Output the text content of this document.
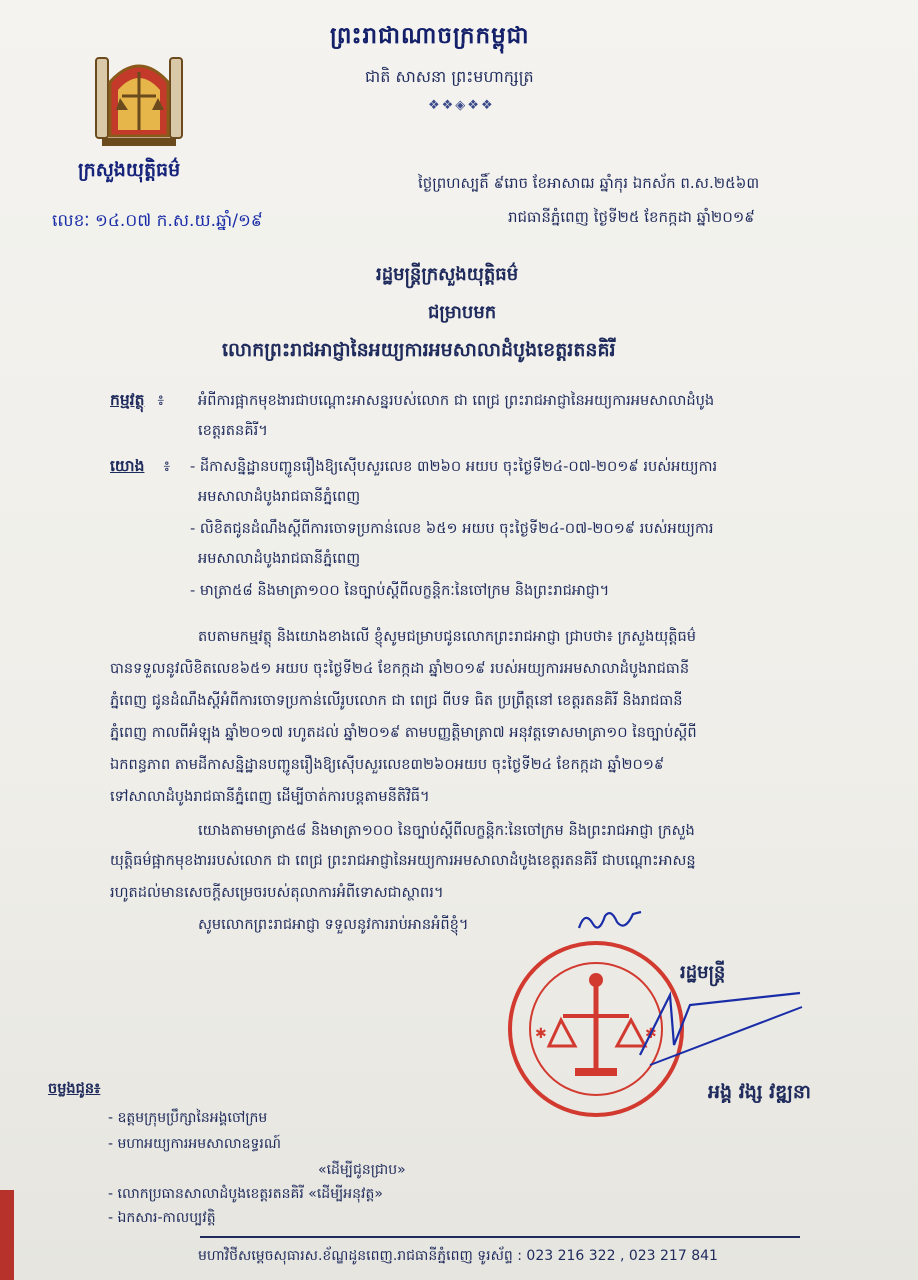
ព្រះរាជាណាចក្រកម្ពុជា
ជាតិ សាសនា ព្រះមហាក្សត្រ
❖❖◈❖❖
ក្រសួងយុត្តិធម៌
លេខៈ ១៤.០៧ ក.ស.យ.ឆ្នាំ/១៩
ថ្ងៃព្រហស្បតិ៍ ៩រោច ខែអាសាឍ ឆ្នាំកុរ ឯកស័ក ព.ស.២៥៦៣
រាជធានីភ្នំពេញ ថ្ងៃទី២៥ ខែកក្កដា ឆ្នាំ២០១៩
រដ្ឋមន្ត្រីក្រសួងយុត្តិធម៌
ជម្រាបមក
លោកព្រះរាជអាជ្ញានៃអយ្យការអមសាលាដំបូងខេត្តរតនគិរី
កម្មវត្ថុ ៖ អំពីការផ្អាកមុខងារជាបណ្តោះអាសន្នរបស់លោក ជា ពេជ្រ ព្រះរាជអាជ្ញានៃអយ្យការអមសាលាដំបូង
ខេត្តរតនគិរី។
យោង ៖ - ដីកាសន្និដ្ឋានបញ្ជូនរឿងឱ្យស៊ើបសួរលេខ ៣២៦០ អយប ចុះថ្ងៃទី២៤-០៧-២០១៩ របស់អយ្យការ
អមសាលាដំបូងរាជធានីភ្នំពេញ
- លិខិតជូនដំណឹងស្តីពីការចោទប្រកាន់លេខ ៦៥១ អយប ចុះថ្ងៃទី២៤-០៧-២០១៩ របស់អយ្យការ
អមសាលាដំបូងរាជធានីភ្នំពេញ
- មាត្រា៥៨ និងមាត្រា១០០ នៃច្បាប់ស្តីពីលក្ខន្តិកៈនៃចៅក្រម និងព្រះរាជអាជ្ញា។
តបតាមកម្មវត្ថុ និងយោងខាងលើ ខ្ញុំសូមជម្រាបជូនលោកព្រះរាជអាជ្ញា ជ្រាបថា៖ ក្រសួងយុត្តិធម៌
បានទទួលនូវលិខិតលេខ៦៥១ អយប ចុះថ្ងៃទី២៤ ខែកក្កដា ឆ្នាំ២០១៩ របស់អយ្យការអមសាលាដំបូងរាជធានី
ភ្នំពេញ ជូនដំណឹងស្តីអំពីការចោទប្រកាន់លើរូបលោក ជា ពេជ្រ ពីបទ ធិត ប្រព្រឹត្តនៅ ខេត្តរតនគិរី និងរាជធានី
ភ្នំពេញ កាលពីអំឡុង ឆ្នាំ២០១៧ រហូតដល់ ឆ្នាំ២០១៩ តាមបញ្ញត្តិមាត្រា៧ អនុវត្តទោសមាត្រា១០ នៃច្បាប់ស្តីពី
ឯកពន្ធភាព តាមដីកាសន្និដ្ឋានបញ្ជូនរឿងឱ្យស៊ើបសួរលេខ៣២៦០អយប ចុះថ្ងៃទី២៤ ខែកក្កដា ឆ្នាំ២០១៩
ទៅសាលាដំបូងរាជធានីភ្នំពេញ ដើម្បីចាត់ការបន្តតាមនីតិវិធី។
យោងតាមមាត្រា៥៨ និងមាត្រា១០០ នៃច្បាប់ស្តីពីលក្ខន្តិកៈនៃចៅក្រម និងព្រះរាជអាជ្ញា ក្រសួង
យុត្តិធម៌ផ្អាកមុខងាររបស់លោក ជា ពេជ្រ ព្រះរាជអាជ្ញានៃអយ្យការអមសាលាដំបូងខេត្តរតនគិរី ជាបណ្តោះអាសន្ន
រហូតដល់មានសេចក្តីសម្រេចរបស់តុលាការអំពីទោសជាស្ថាពរ។
សូមលោកព្រះរាជអាជ្ញា ទទួលនូវការរាប់អានអំពីខ្ញុំ។
រដ្ឋមន្ត្រី
✱	✱
អង្គ វង្ស វឌ្ឍនា
ចម្លងជូន៖
- ឧត្តមក្រុមប្រឹក្សានៃអង្គចៅក្រម
- មហាអយ្យការអមសាលាឧទ្ធរណ៍
«ដើម្បីជូនជ្រាប»
- លោកប្រធានសាលាដំបូងខេត្តរតនគិរី «ដើម្បីអនុវត្ត»
- ឯកសារ-កាលប្បវត្តិ
មហាវិថីសម្តេចសុធារស.ខ័ណ្ឌដូនពេញ.រាជធានីភ្នំពេញ ទូរស័ព្ទ : 023 216 322 , 023 217 841
